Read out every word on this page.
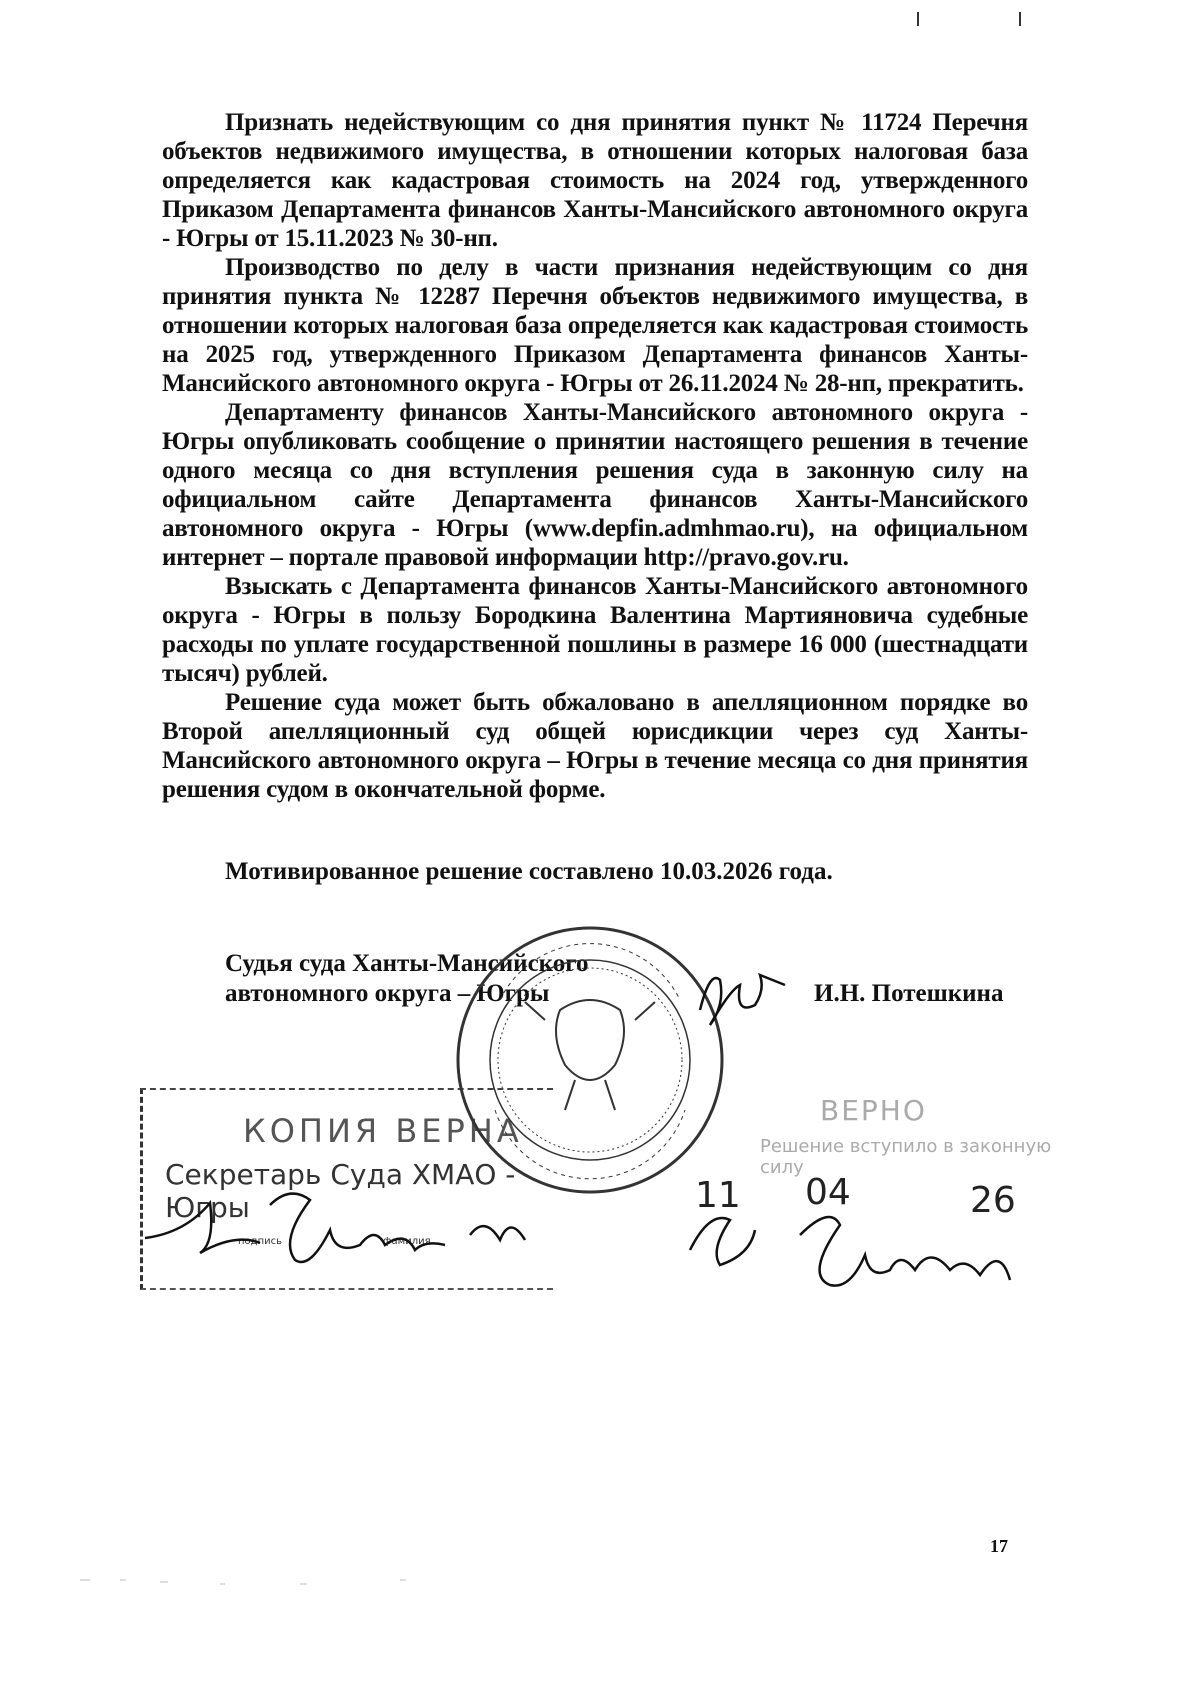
Признать недействующим со дня принятия пункт № 11724 Перечня объектов недвижимого имущества, в отношении которых налоговая база определяется как кадастровая стоимость на 2024 год, утвержденного Приказом Департамента финансов Ханты-Мансийского автономного округа - Югры от 15.11.2023 № 30-нп.

Производство по делу в части признания недействующим со дня принятия пункта № 12287 Перечня объектов недвижимого имущества, в отношении которых налоговая база определяется как кадастровая стоимость на 2025 год, утвержденного Приказом Департамента финансов Ханты-Мансийского автономного округа - Югры от 26.11.2024 № 28-нп, прекратить.

Департаменту финансов Ханты-Мансийского автономного округа - Югры опубликовать сообщение о принятии настоящего решения в течение одного месяца со дня вступления решения суда в законную силу на официальном сайте Департамента финансов Ханты-Мансийского автономного округа - Югры (www.depfin.admhmao.ru), на официальном интернет – портале правовой информации http://pravo.gov.ru.

Взыскать с Департамента финансов Ханты-Мансийского автономного округа - Югры в пользу Бородкина Валентина Мартияновича судебные расходы по уплате государственной пошлины в размере 16 000 (шестнадцати тысяч) рублей.

Решение суда может быть обжаловано в апелляционном порядке во Второй апелляционный суд общей юрисдикции через суд Ханты-Мансийского автономного округа – Югры в течение месяца со дня принятия решения судом в окончательной форме.

Мотивированное решение составлено 10.03.2026 года.
Судья суда Ханты-Мансийского
автономного округа – Югры	И.Н. Потешкина
ВЕРНО
Решение вступило в законную силу
11 04	26
КОПИЯ ВЕРНА
Секретарь Суда ХМАО - Югры
подпись	фамилия
17
